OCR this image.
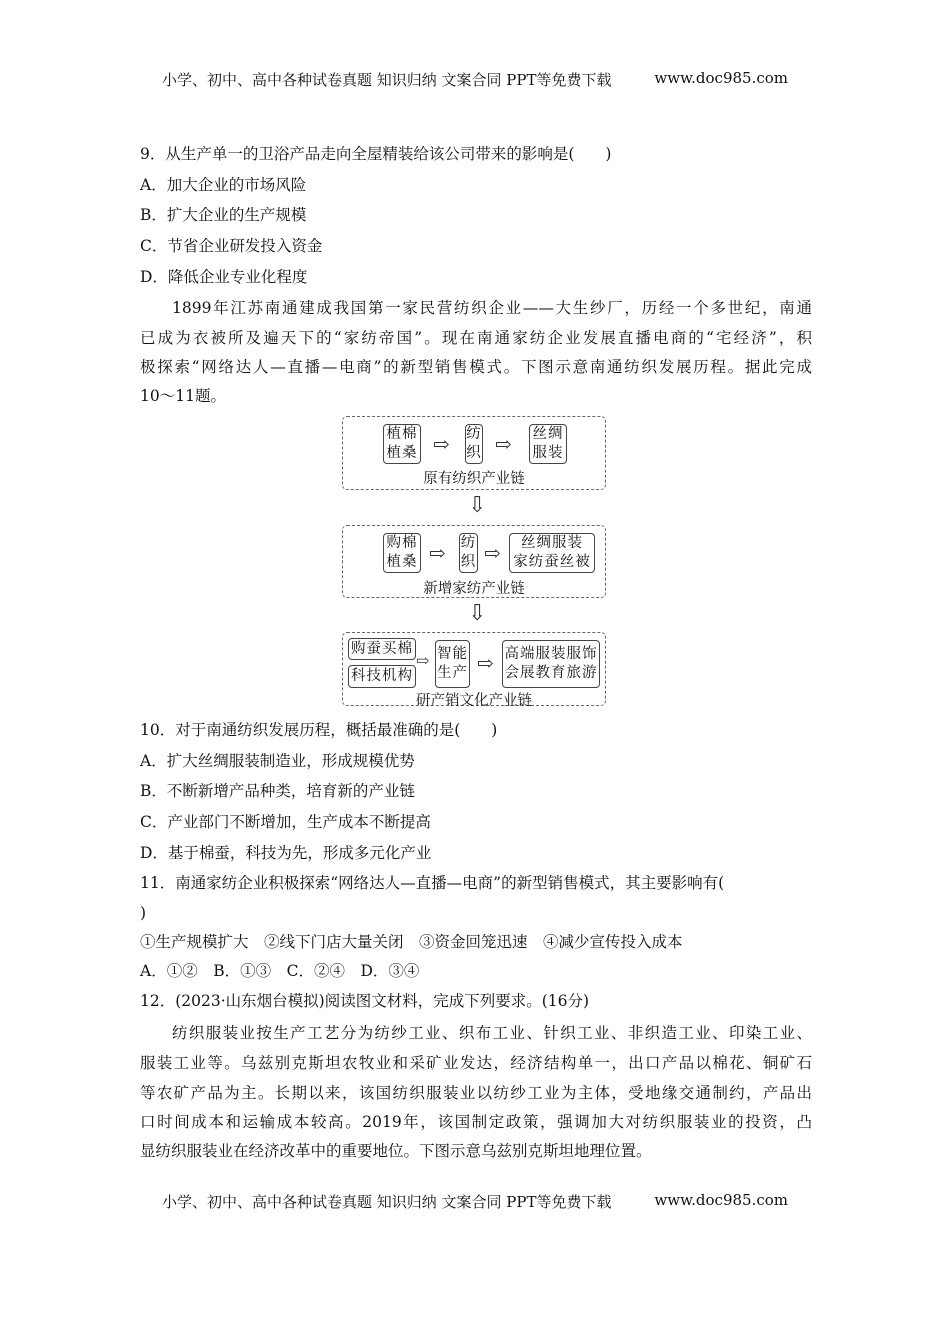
小学、初中、高中各种试卷真题 知识归纳 文案合同 PPT等免费下载	www.doc985.com
9．从生产单一的卫浴产品走向全屋精装给该公司带来的影响是(　　)
A．加大企业的市场风险
B．扩大企业的生产规模
C．节省企业研发投入资金
D．降低企业专业化程度
1899年江苏南通建成我国第一家民营纺织企业——大生纱厂，历经一个多世纪，南通
已成为衣被所及遍天下的“家纺帝国”。现在南通家纺企业发展直播电商的“宅经济”，积
极探索“网络达人—直播—电商”的新型销售模式。下图示意南通纺织发展历程。据此完成
10～11题。
植棉
植桑 ⇨ 纺
织 ⇨ 丝绸
服装
原有纺织产业链
⇩
购棉
植桑 ⇨ 纺
织 ⇨	丝绸服装
家纺蚕丝被
新增家纺产业链
⇩
购蚕买棉
科技机构
⇨ 智能
生产 ⇨ 高端服装服饰
会展教育旅游
研产销文化产业链
10．对于南通纺织发展历程，概括最准确的是(　　)
A．扩大丝绸服装制造业，形成规模优势
B．不断新增产品种类，培育新的产业链
C．产业部门不断增加，生产成本不断提高
D．基于棉蚕，科技为先，形成多元化产业
11．南通家纺企业积极探索“网络达人—直播—电商”的新型销售模式，其主要影响有(
)
①生产规模扩大　②线下门店大量关闭　③资金回笼迅速　④减少宣传投入成本
A．①②　B．①③　C．②④　D．③④
12．(2023·山东烟台模拟)阅读图文材料，完成下列要求。(16分)
纺织服装业按生产工艺分为纺纱工业、织布工业、针织工业、非织造工业、印染工业、
服装工业等。乌兹别克斯坦农牧业和采矿业发达，经济结构单一，出口产品以棉花、铜矿石
等农矿产品为主。长期以来，该国纺织服装业以纺纱工业为主体，受地缘交通制约，产品出
口时间成本和运输成本较高。2019年，该国制定政策，强调加大对纺织服装业的投资，凸
显纺织服装业在经济改革中的重要地位。下图示意乌兹别克斯坦地理位置。
小学、初中、高中各种试卷真题 知识归纳 文案合同 PPT等免费下载	www.doc985.com
